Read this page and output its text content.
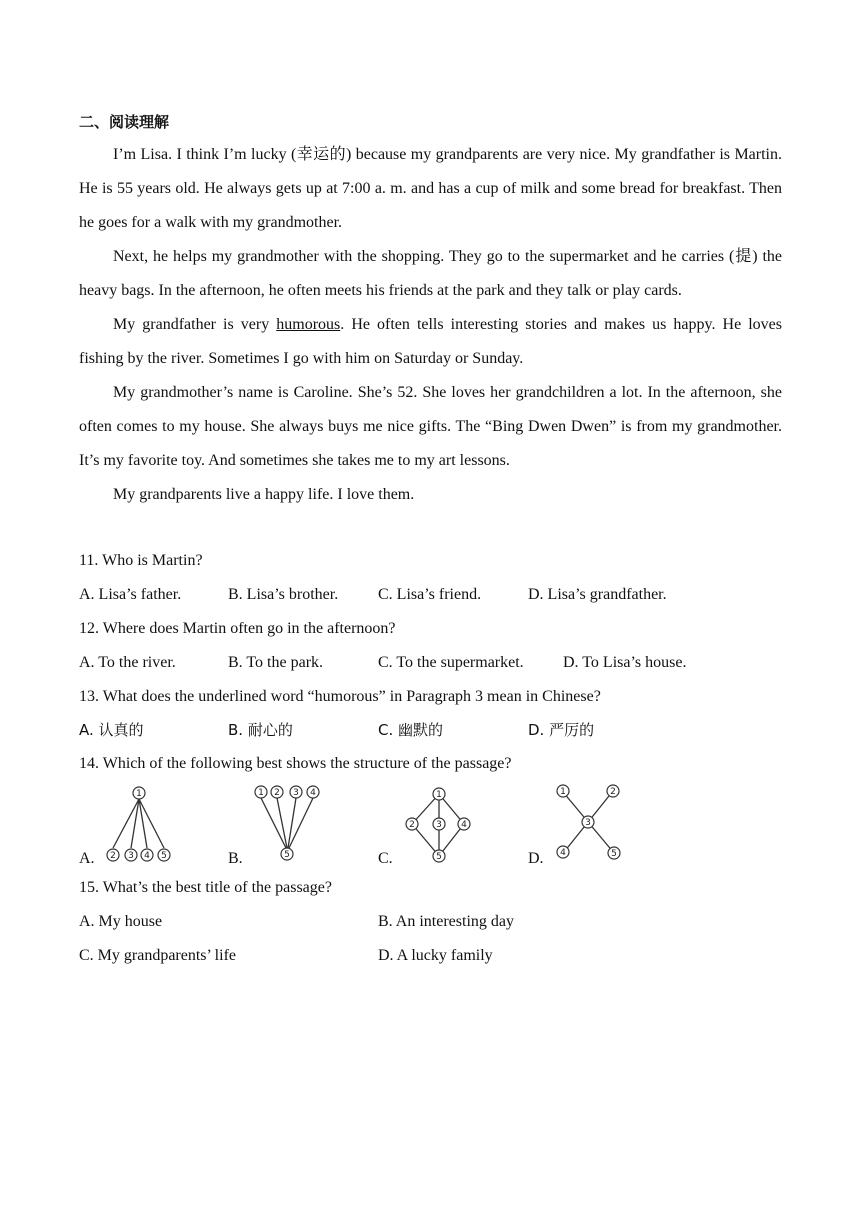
二、阅读理解

I’m Lisa. I think I’m lucky (幸运的) because my grandparents are very nice. My grandfather is Martin. He is 55 years old. He always gets up at 7:00 a. m. and has a cup of milk and some bread for breakfast. Then he goes for a walk with my grandmother.

Next, he helps my grandmother with the shopping. They go to the supermarket and he carries (提) the heavy bags. In the afternoon, he often meets his friends at the park and they talk or play cards.

My grandfather is very humorous. He often tells interesting stories and makes us happy. He loves fishing by the river. Sometimes I go with him on Saturday or Sunday.

My grandmother’s name is Caroline. She’s 52. She loves her grandchildren a lot. In the afternoon, she often comes to my house. She always buys me nice gifts. The “Bing Dwen Dwen” is from my grandmother. It’s my favorite toy. And sometimes she takes me to my art lessons.

My grandparents live a happy life. I love them.

11. Who is Martin?
A. Lisa’s father.	B. Lisa’s brother. C. Lisa’s friend.	D. Lisa’s grandfather.
12. Where does Martin often go in the afternoon?
A. To the river.	B. To the park.	C. To the supermarket. D. To Lisa’s house.
13. What does the underlined word “humorous” in Paragraph 3 mean in Chinese?
A. 认真的	B. 耐心的	C. 幽默的	D. 严厉的
14. Which of the following best shows the structure of the passage?
A.	B.	C.	D.
1
2 3 4 5
1 2 3 4
5
1
2 3 4
5
1	2
3
4	5
15. What’s the best title of the passage?
A. My house	B. An interesting day
C. My grandparents’ life	D. A lucky family
